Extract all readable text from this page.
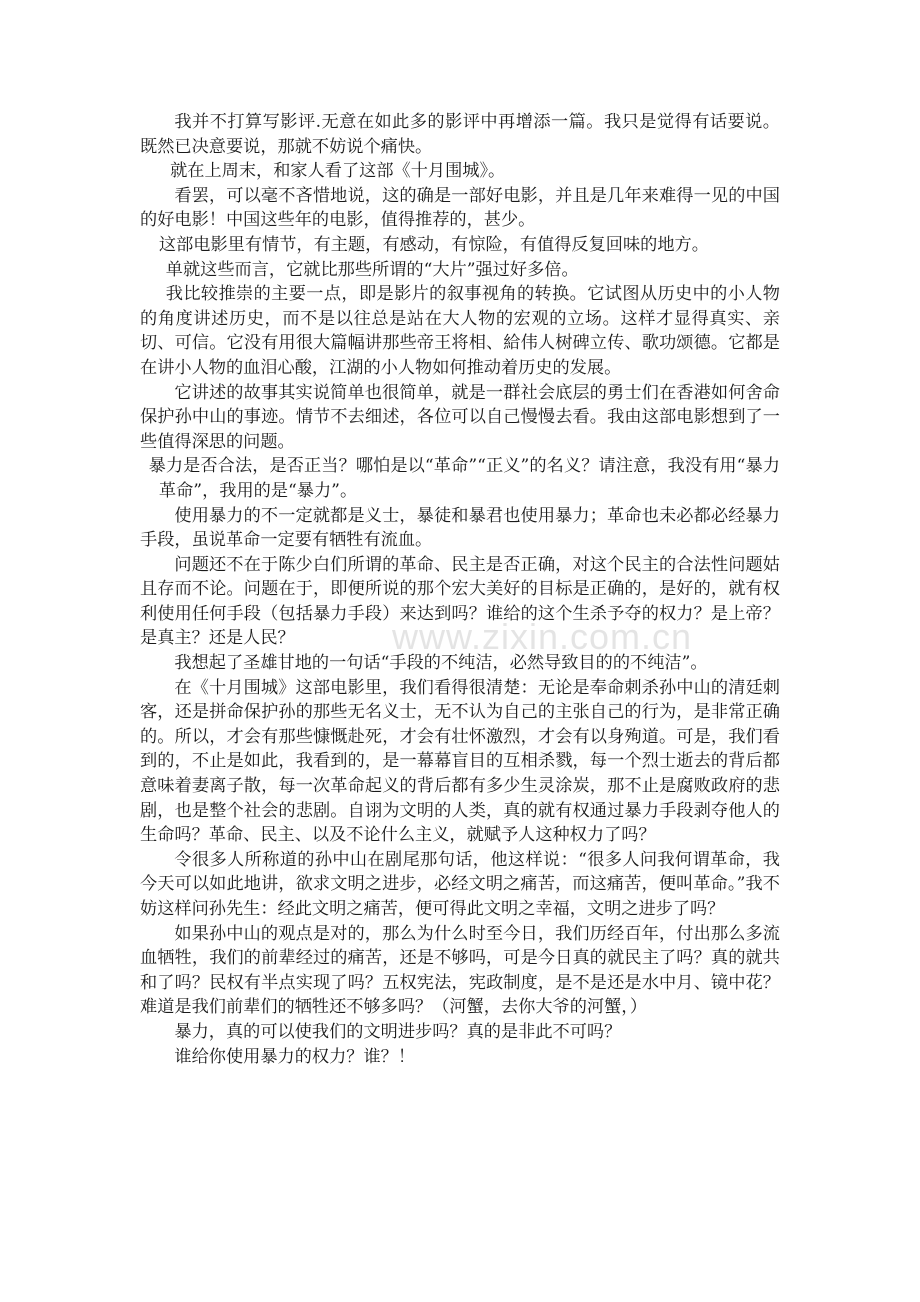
我并不打算写影评.无意在如此多的影评中再增添一篇。我只是觉得有话要说。既然已决意要说，那就不妨说个痛快。

就在上周末，和家人看了这部《十月围城》。

看罢，可以毫不吝惜地说，这的确是一部好电影，并且是几年来难得一见的中国的好电影！中国这些年的电影，值得推荐的，甚少。

这部电影里有情节，有主题，有感动，有惊险，有值得反复回味的地方。

单就这些而言，它就比那些所谓的“大片”强过好多倍。

我比较推崇的主要一点，即是影片的叙事视角的转换。它试图从历史中的小人物的角度讲述历史，而不是以往总是站在大人物的宏观的立场。这样才显得真实、亲切、可信。它没有用很大篇幅讲那些帝王将相、給伟人树碑立传、歌功颂德。它都是在讲小人物的血泪心酸，江湖的小人物如何推动着历史的发展。

它讲述的故事其实说简单也很简单，就是一群社会底层的勇士们在香港如何舍命保护孙中山的事迹。情节不去细述，各位可以自己慢慢去看。我由这部电影想到了一些值得深思的问题。

暴力是否合法，是否正当？哪怕是以“革命”“正义”的名义？请注意，我没有用“暴力革命”，我用的是“暴力”。

使用暴力的不一定就都是义士，暴徒和暴君也使用暴力；革命也未必都必经暴力手段，虽说革命一定要有牺牲有流血。

问题还不在于陈少白们所谓的革命、民主是否正确，对这个民主的合法性问题姑且存而不论。问题在于，即便所说的那个宏大美好的目标是正确的，是好的，就有权利使用任何手段（包括暴力手段）来达到吗？谁给的这个生杀予夺的权力？是上帝？是真主？还是人民？

我想起了圣雄甘地的一句话“手段的不纯洁，必然导致目的的不纯洁”。

在《十月围城》这部电影里，我们看得很清楚：无论是奉命刺杀孙中山的清廷刺客，还是拼命保护孙的那些无名义士，无不认为自己的主张自己的行为，是非常正确的。所以，才会有那些慷慨赴死，才会有壮怀激烈，才会有以身殉道。可是，我们看到的，不止是如此，我看到的，是一幕幕盲目的互相杀戮，每一个烈士逝去的背后都意味着妻离子散，每一次革命起义的背后都有多少生灵涂炭，那不止是腐败政府的悲剧，也是整个社会的悲剧。自诩为文明的人类，真的就有权通过暴力手段剥夺他人的生命吗？革命、民主、以及不论什么主义，就赋予人这种权力了吗？

令很多人所称道的孙中山在剧尾那句话，他这样说：“很多人问我何谓革命，我今天可以如此地讲，欲求文明之进步，必经文明之痛苦，而这痛苦，便叫革命。”我不妨这样问孙先生：经此文明之痛苦，便可得此文明之幸福，文明之进步了吗？

如果孙中山的观点是对的，那么为什么时至今日，我们历经百年，付出那么多流血牺牲，我们的前辈经过的痛苦，还是不够吗，可是今日真的就民主了吗？真的就共和了吗？民权有半点实现了吗？五权宪法，宪政制度，是不是还是水中月、镜中花？难道是我们前辈们的牺牲还不够多吗？（河蟹，去你大爷的河蟹，）

暴力，真的可以使我们的文明进步吗？真的是非此不可吗？

谁给你使用暴力的权力？谁？！

www.zixin.com.cn
